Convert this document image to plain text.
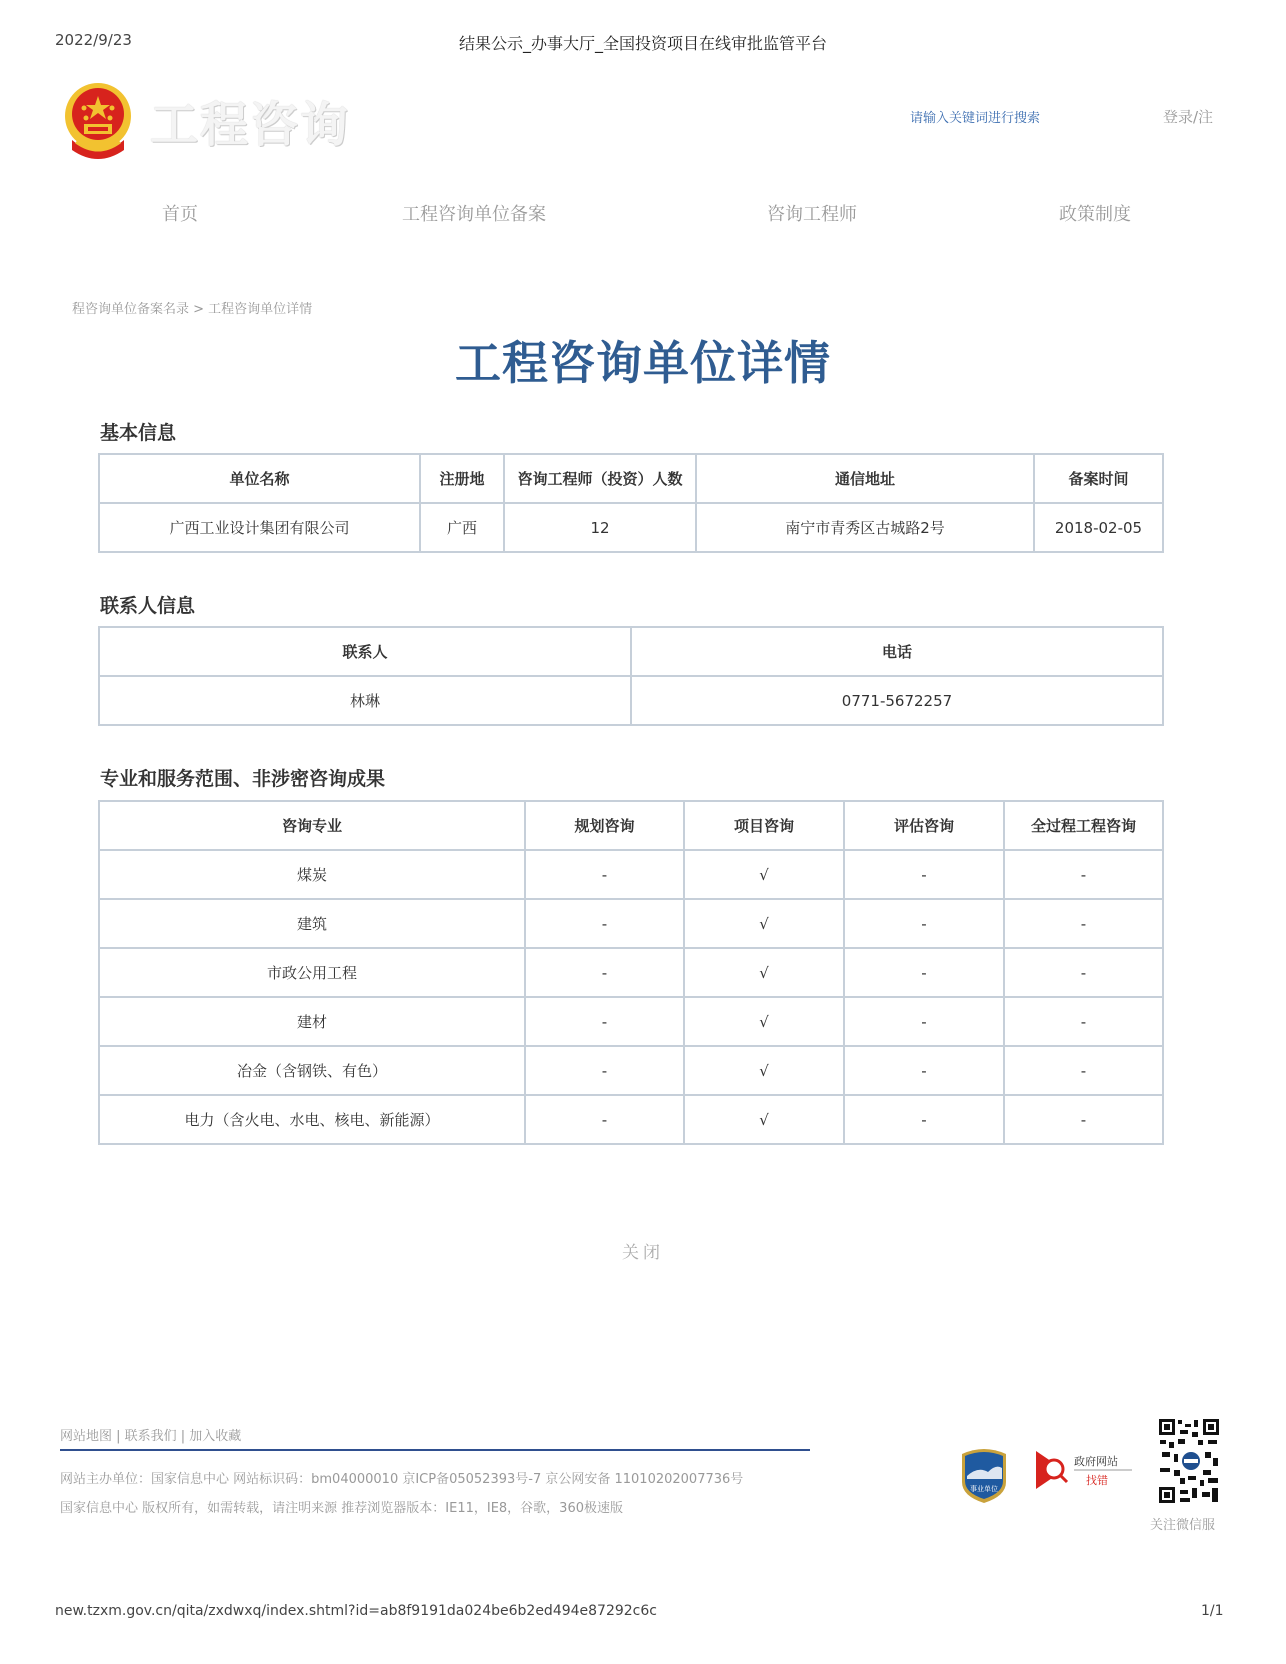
2022/9/23	结果公示_办事大厅_全国投资项目在线审批监管平台
工程咨询	请输入关键词进行搜索	登录/注
首页	工程咨询单位备案	咨询工程师	政策制度
程咨询单位备案名录 > 工程咨询单位详情
工程咨询单位详情
基本信息
单位名称	注册地	咨询工程师（投资）人数	通信地址	备案时间
广西工业设计集团有限公司	广西	12	南宁市青秀区古城路2号	2018-02-05
联系人信息
联系人	电话
林琳	0771-5672257
专业和服务范围、非涉密咨询成果
咨询专业	规划咨询	项目咨询	评估咨询	全过程工程咨询
煤炭	-	√	-	-
建筑	-	√	-	-
市政公用工程	-	√	-	-
建材	-	√	-	-
冶金（含钢铁、有色）	-	√	-	-
电力（含火电、水电、核电、新能源）	-	√	-	-
关闭
网站地图 | 联系我们 | 加入收藏
网站主办单位：国家信息中心 网站标识码：bm04000010 京ICP备05052393号-7 京公网安备 11010202007736号
国家信息中心 版权所有，如需转载，请注明来源 推荐浏览器版本：IE11，IE8，谷歌，360极速版
事业单位
政府网站
找错
关注微信服
new.tzxm.gov.cn/qita/zxdwxq/index.shtml?id=ab8f9191da024be6b2ed494e87292c6c	1/1
